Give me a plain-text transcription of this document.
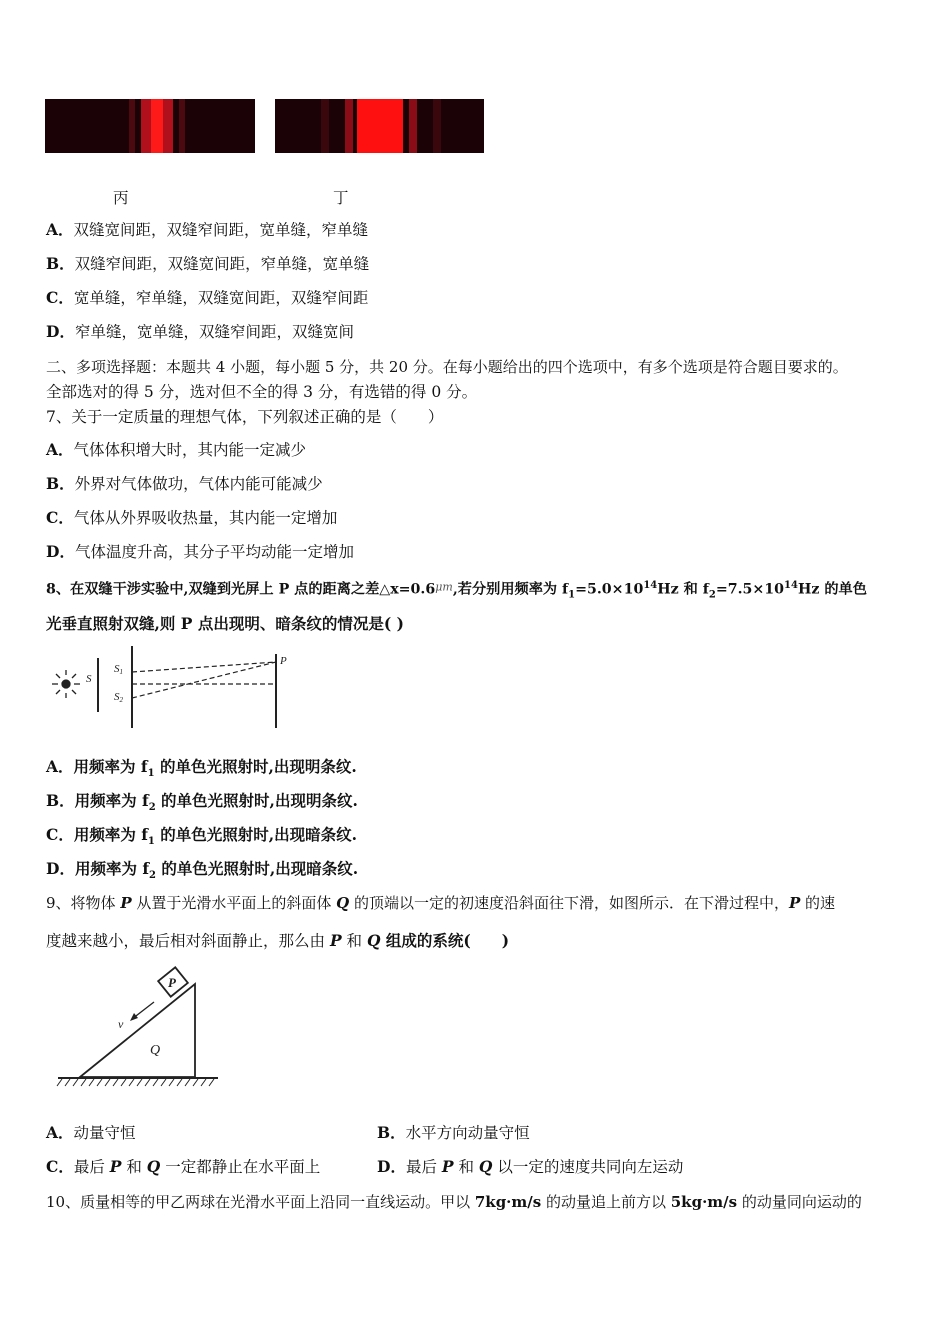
丙	丁
A．双缝宽间距，双缝窄间距，宽单缝，窄单缝
B．双缝窄间距，双缝宽间距，窄单缝，宽单缝
C．宽单缝，窄单缝，双缝宽间距，双缝窄间距
D．窄单缝，宽单缝，双缝窄间距，双缝宽间
二、多项选择题：本题共 4 小题，每小题 5 分，共 20 分。在每小题给出的四个选项中，有多个选项是符合题目要求的。
全部选对的得 5 分，选对但不全的得 3 分，有选错的得 0 分。
7、关于一定质量的理想气体，下列叙述正确的是（　　）
A．气体体积增大时，其内能一定减少
B．外界对气体做功，气体内能可能减少
C．气体从外界吸收热量，其内能一定增加
D．气体温度升高，其分子平均动能一定增加
8、在双缝干涉实验中,双缝到光屏上 P 点的距离之差$\triangle x=0.6^{\mu m}$,若分别用频率为 $f_1=5.0\times 10^{14}Hz$ 和 $f_2=7.5\times 10^{14}Hz$ 的单色
光垂直照射双缝,则 P 点出现明、暗条纹的情况是( )
S
S1
S2
P
A．用频率为 $f_1$ 的单色光照射时,出现明条纹.
B．用频率为 $f_2$ 的单色光照射时,出现明条纹.
C．用频率为 $f_1$ 的单色光照射时,出现暗条纹.
D．用频率为 $f_2$ 的单色光照射时,出现暗条纹.
9、将物体 P 从置于光滑水平面上的斜面体 Q 的顶端以一定的初速度沿斜面往下滑，如图所示．在下滑过程中，P 的速
度越来越小，最后相对斜面静止，那么由 P 和 Q 组成的系统(　　)
P
v
Q
A．动量守恒	B．水平方向动量守恒
C．最后 P 和 Q 一定都静止在水平面上	D．最后 P 和 Q 以一定的速度共同向左运动
10、质量相等的甲乙两球在光滑水平面上沿同一直线运动。甲以 7kg·m/s 的动量追上前方以 5kg·m/s 的动量同向运动的
